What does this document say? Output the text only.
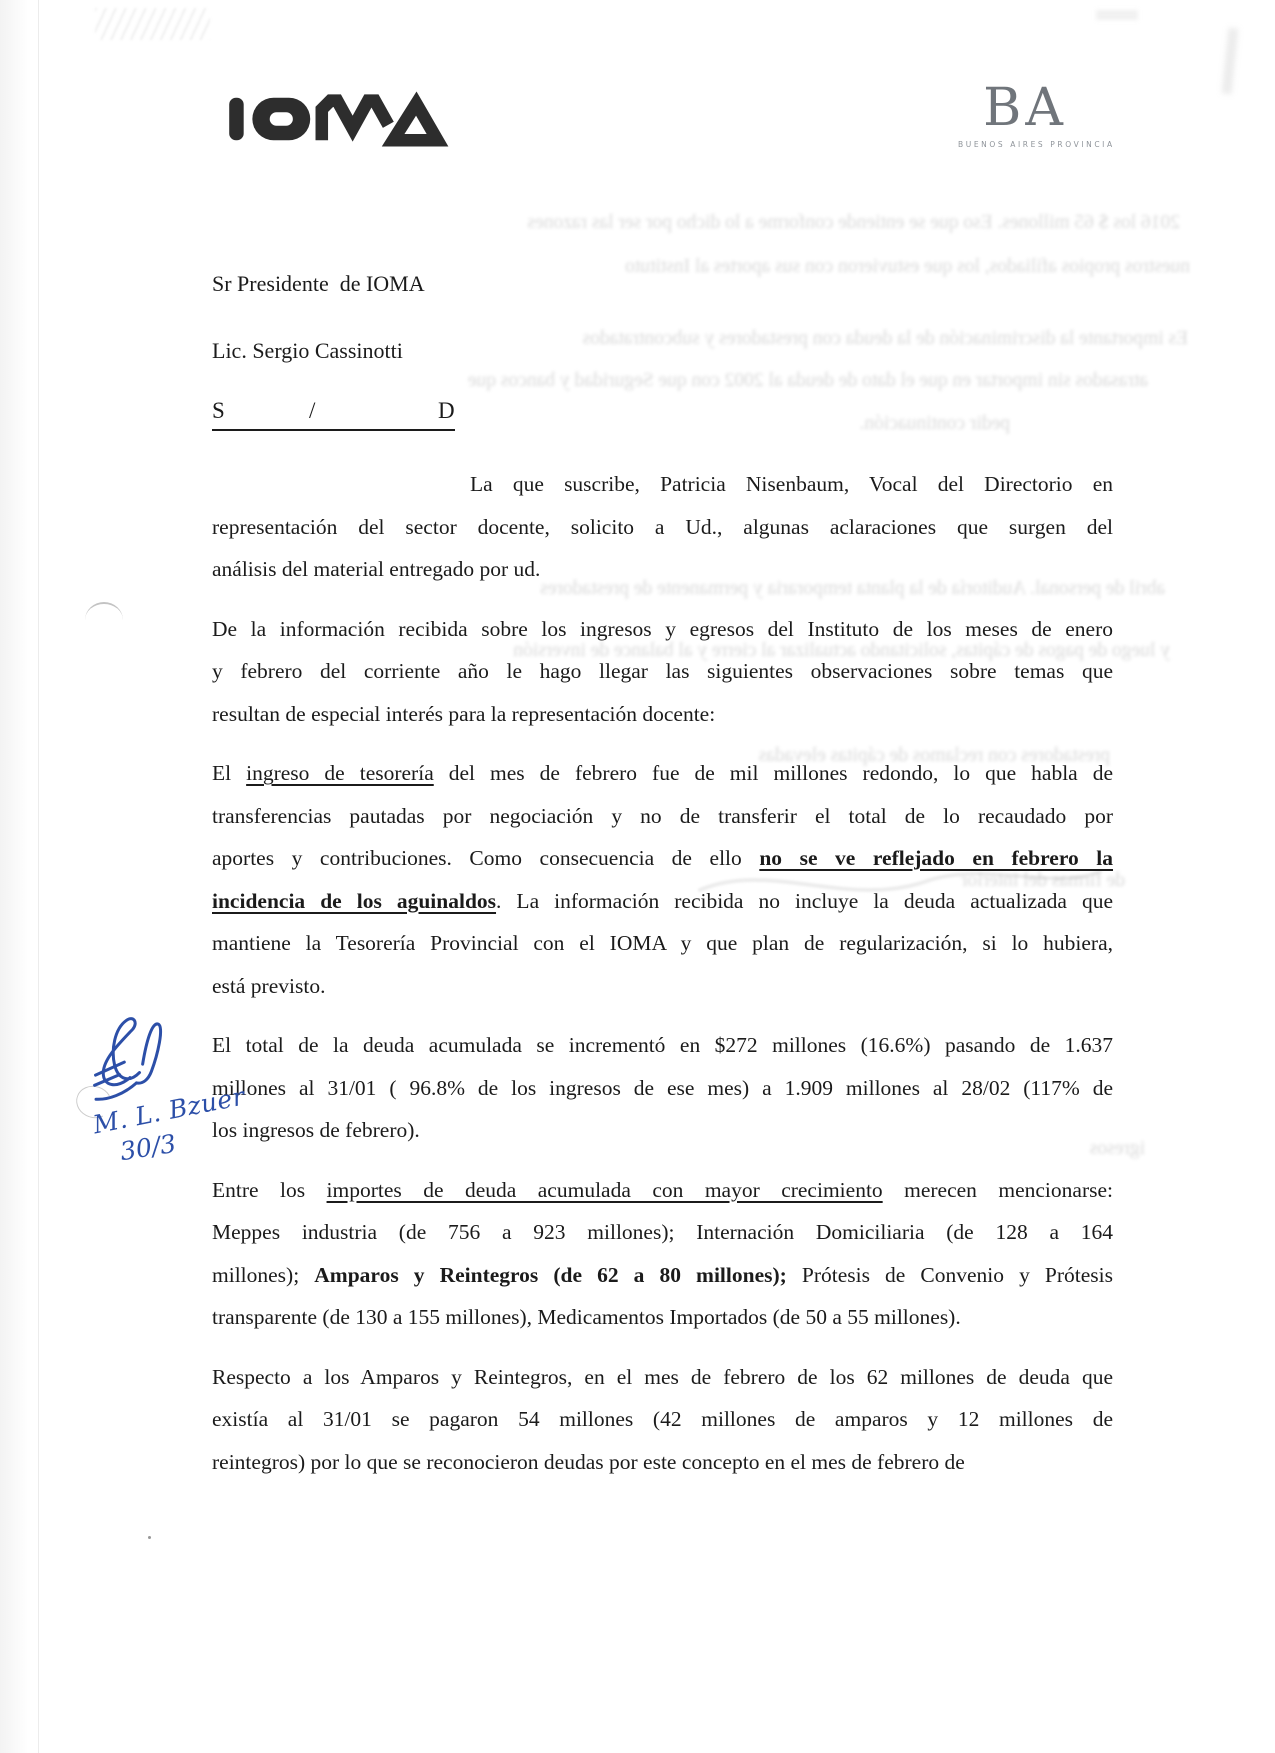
2016 los $ 65 millones. Eso que se entiende conforme a lo dicho por ser las razones
nuestros propios afiliados, los que estuvieron con sus aportes al Instituto
Es importante la discriminación de la deuda con prestadores y subcontratados
atrasados sin importar en que el dato de deuda al 2002 con que Seguridad y bancos que
pedir continuación.
abril de personal. Auditoría de la planta temporaria y permanente de prestadores
y luego de pagos de cápitas, solicitando actualizar al cierre y al balance de inversión
prestadores con reclamos de cápitas elevadas
de firmas del interior
igresos
BA
BUENOS AIRES PROVINCIA
Sr Presidente  de IOMA
Lic. Sergio Cassinotti
S	/	D
La que suscribe, Patricia Nisenbaum, Vocal del Directorio en
representación del sector docente, solicito a Ud., algunas aclaraciones que surgen del
análisis del material entregado por ud.
De la información recibida sobre los ingresos y egresos del Instituto de los meses de enero
y febrero del corriente año le hago llegar las siguientes observaciones sobre temas que
resultan de especial interés para la representación docente:
El ingreso de tesorería del mes de febrero fue de mil millones redondo, lo que habla de
transferencias pautadas por negociación y no de transferir el total de lo recaudado por
aportes y contribuciones. Como consecuencia de ello no se ve reflejado en febrero la
incidencia de los aguinaldos. La información recibida no incluye la deuda actualizada que
mantiene la Tesorería Provincial con el IOMA y que plan de regularización, si lo hubiera,
está previsto.
El total de la deuda acumulada se incrementó en $272 millones (16.6%) pasando de 1.637
millones al 31/01 ( 96.8% de los ingresos de ese mes) a 1.909 millones al 28/02 (117% de
los ingresos de febrero).
Entre los importes de deuda acumulada con mayor crecimiento merecen mencionarse:
Meppes industria (de 756 a 923 millones); Internación Domiciliaria (de 128 a 164
millones); Amparos y Reintegros (de 62 a 80 millones); Prótesis de Convenio y Prótesis
transparente (de 130 a 155 millones), Medicamentos Importados (de 50 a 55 millones).
Respecto a los Amparos y Reintegros, en el mes de febrero de los 62 millones de deuda que
existía al 31/01 se pagaron 54 millones (42 millones de amparos y 12 millones de
reintegros) por lo que se reconocieron deudas por este concepto en el mes de febrero de
M. L. Bzuer
30/3
